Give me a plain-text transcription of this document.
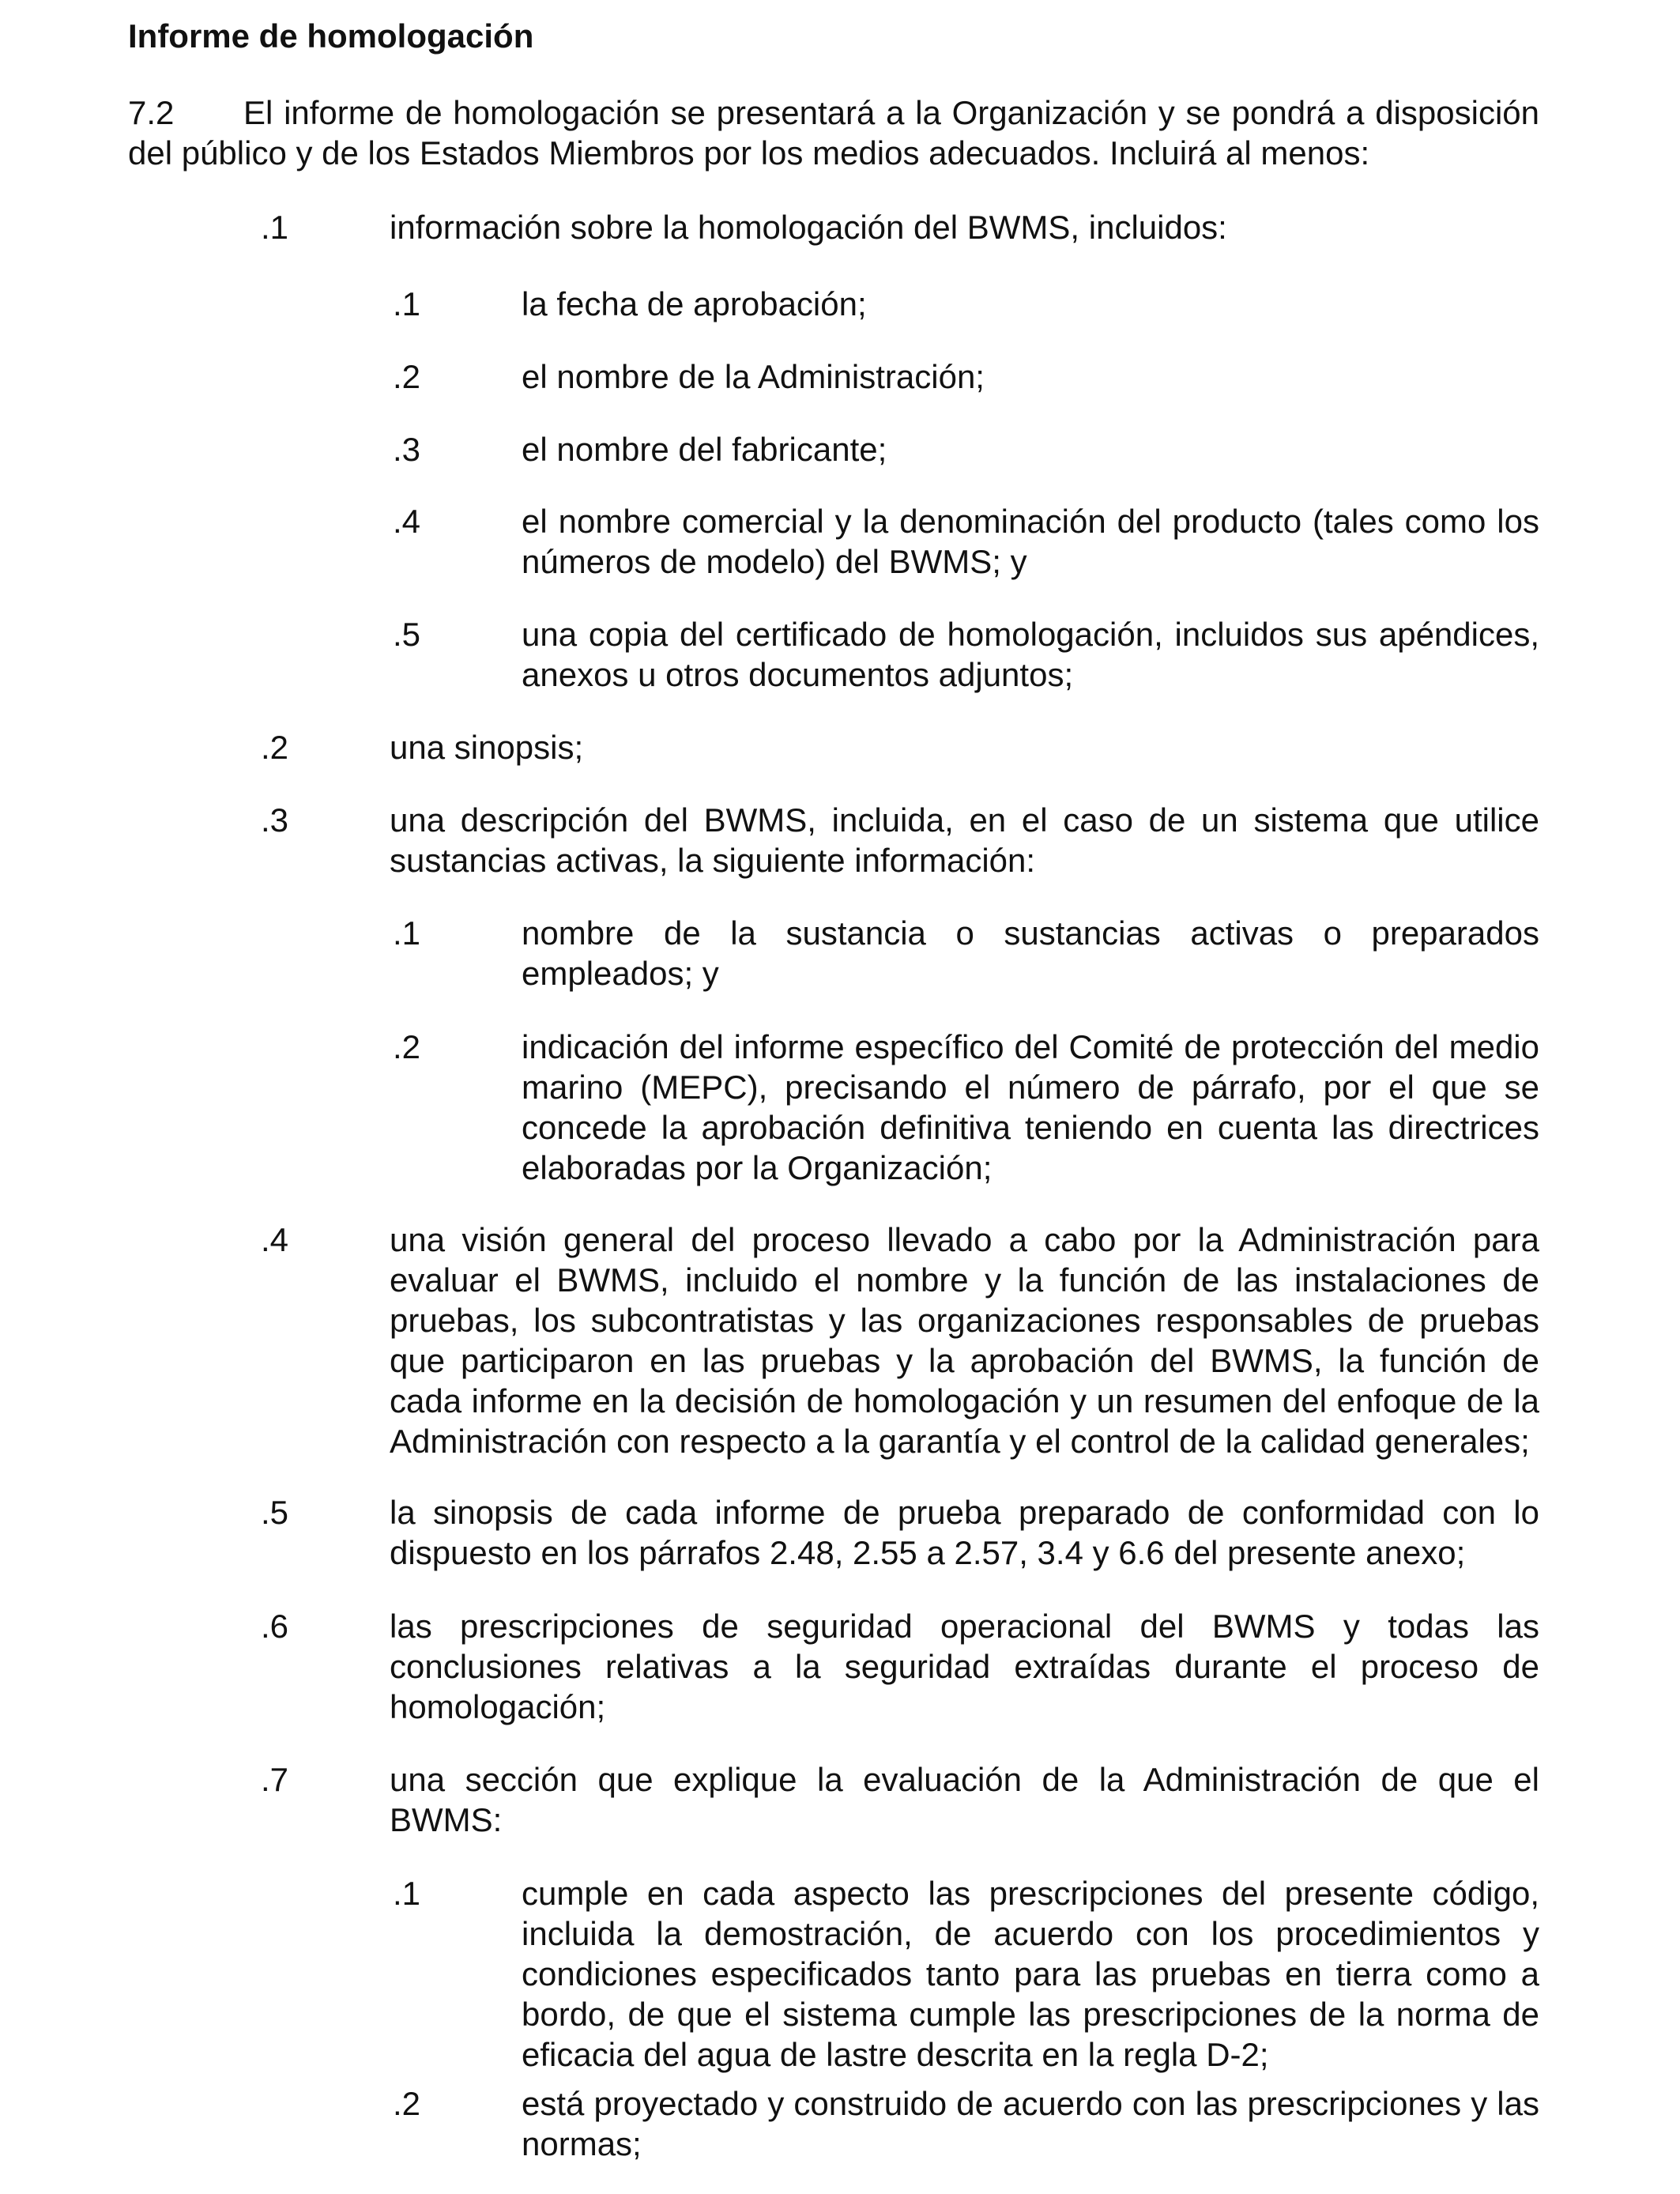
Informe de homologación
7.2 El informe de homologación se presentará a la Organización y se pondrá a disposición del público y de los Estados Miembros por los medios adecuados. Incluirá al menos:
.1	información sobre la homologación del BWMS, incluidos:
.1	la fecha de aprobación;
.2	el nombre de la Administración;
.3	el nombre del fabricante;
.4	el nombre comercial y la denominación del producto (tales como los números de modelo) del BWMS; y
.5	una copia del certificado de homologación, incluidos sus apéndices, anexos u otros documentos adjuntos;
.2	una sinopsis;
.3	una descripción del BWMS, incluida, en el caso de un sistema que utilice sustancias activas, la siguiente información:
.1	nombre de la sustancia o sustancias activas o preparados empleados; y
.2	indicación del informe específico del Comité de protección del medio marino (MEPC), precisando el número de párrafo, por el que se concede la aprobación definitiva teniendo en cuenta las directrices elaboradas por la Organización;
.4	una visión general del proceso llevado a cabo por la Administración para evaluar el BWMS, incluido el nombre y la función de las instalaciones de pruebas, los subcontratistas y las organizaciones responsables de pruebas que participaron en las pruebas y la aprobación del BWMS, la función de cada informe en la decisión de homologación y un resumen del enfoque de la Administración con respecto a la garantía y el control de la calidad generales;
.5	la sinopsis de cada informe de prueba preparado de conformidad con lo dispuesto en los párrafos 2.48, 2.55 a 2.57, 3.4 y 6.6 del presente anexo;
.6	las prescripciones de seguridad operacional del BWMS y todas las conclusiones relativas a la seguridad extraídas durante el proceso de homologación;
.7	una sección que explique la evaluación de la Administración de que el BWMS:
.1	cumple en cada aspecto las prescripciones del presente código, incluida la demostración, de acuerdo con los procedimientos y condiciones especificados tanto para las pruebas en tierra como a bordo, de que el sistema cumple las prescripciones de la norma de eficacia del agua de lastre descrita en la regla D-2;
.2	está proyectado y construido de acuerdo con las prescripciones y las normas;
